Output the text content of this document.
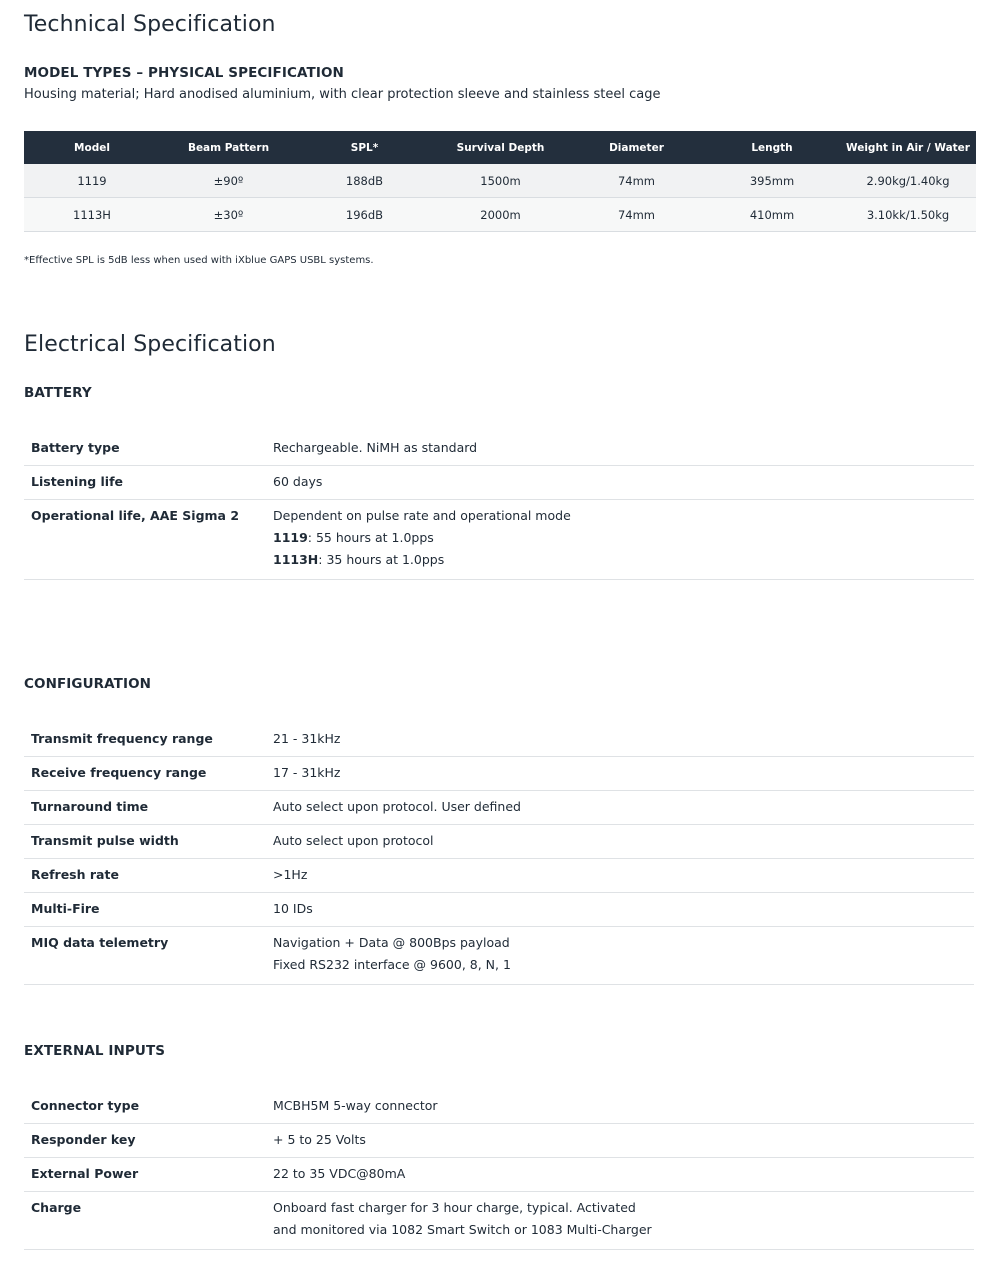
Technical Specification
MODEL TYPES – PHYSICAL SPECIFICATION

Housing material; Hard anodised aluminium, with clear protection sleeve and stainless steel cage

Model	Beam Pattern	SPL*	Survival Depth	Diameter	Length	Weight in Air / Water
1119	±90º	188dB	1500m	74mm	395mm	2.90kg/1.40kg
1113H	±30º	196dB	2000m	74mm	410mm	3.10kk/1.50kg

*Effective SPL is 5dB less when used with iXblue GAPS USBL systems.

Electrical Specification
BATTERY
Battery type	Rechargeable. NiMH as standard
Listening life	60 days
Operational life, AAE Sigma 2	Dependent on pulse rate and operational mode
1119: 55 hours at 1.0pps
1113H: 35 hours at 1.0pps
CONFIGURATION
Transmit frequency range	21 - 31kHz
Receive frequency range	17 - 31kHz
Turnaround time	Auto select upon protocol. User defined
Transmit pulse width	Auto select upon protocol
Refresh rate	>1Hz
Multi-Fire	10 IDs
MIQ data telemetry	Navigation + Data @ 800Bps payload
Fixed RS232 interface @ 9600, 8, N, 1
EXTERNAL INPUTS
Connector type	MCBH5M 5-way connector
Responder key	+ 5 to 25 Volts
External Power	22 to 35 VDC@80mA
Charge	Onboard fast charger for 3 hour charge, typical. Activated
and monitored via 1082 Smart Switch or 1083 Multi-Charger
